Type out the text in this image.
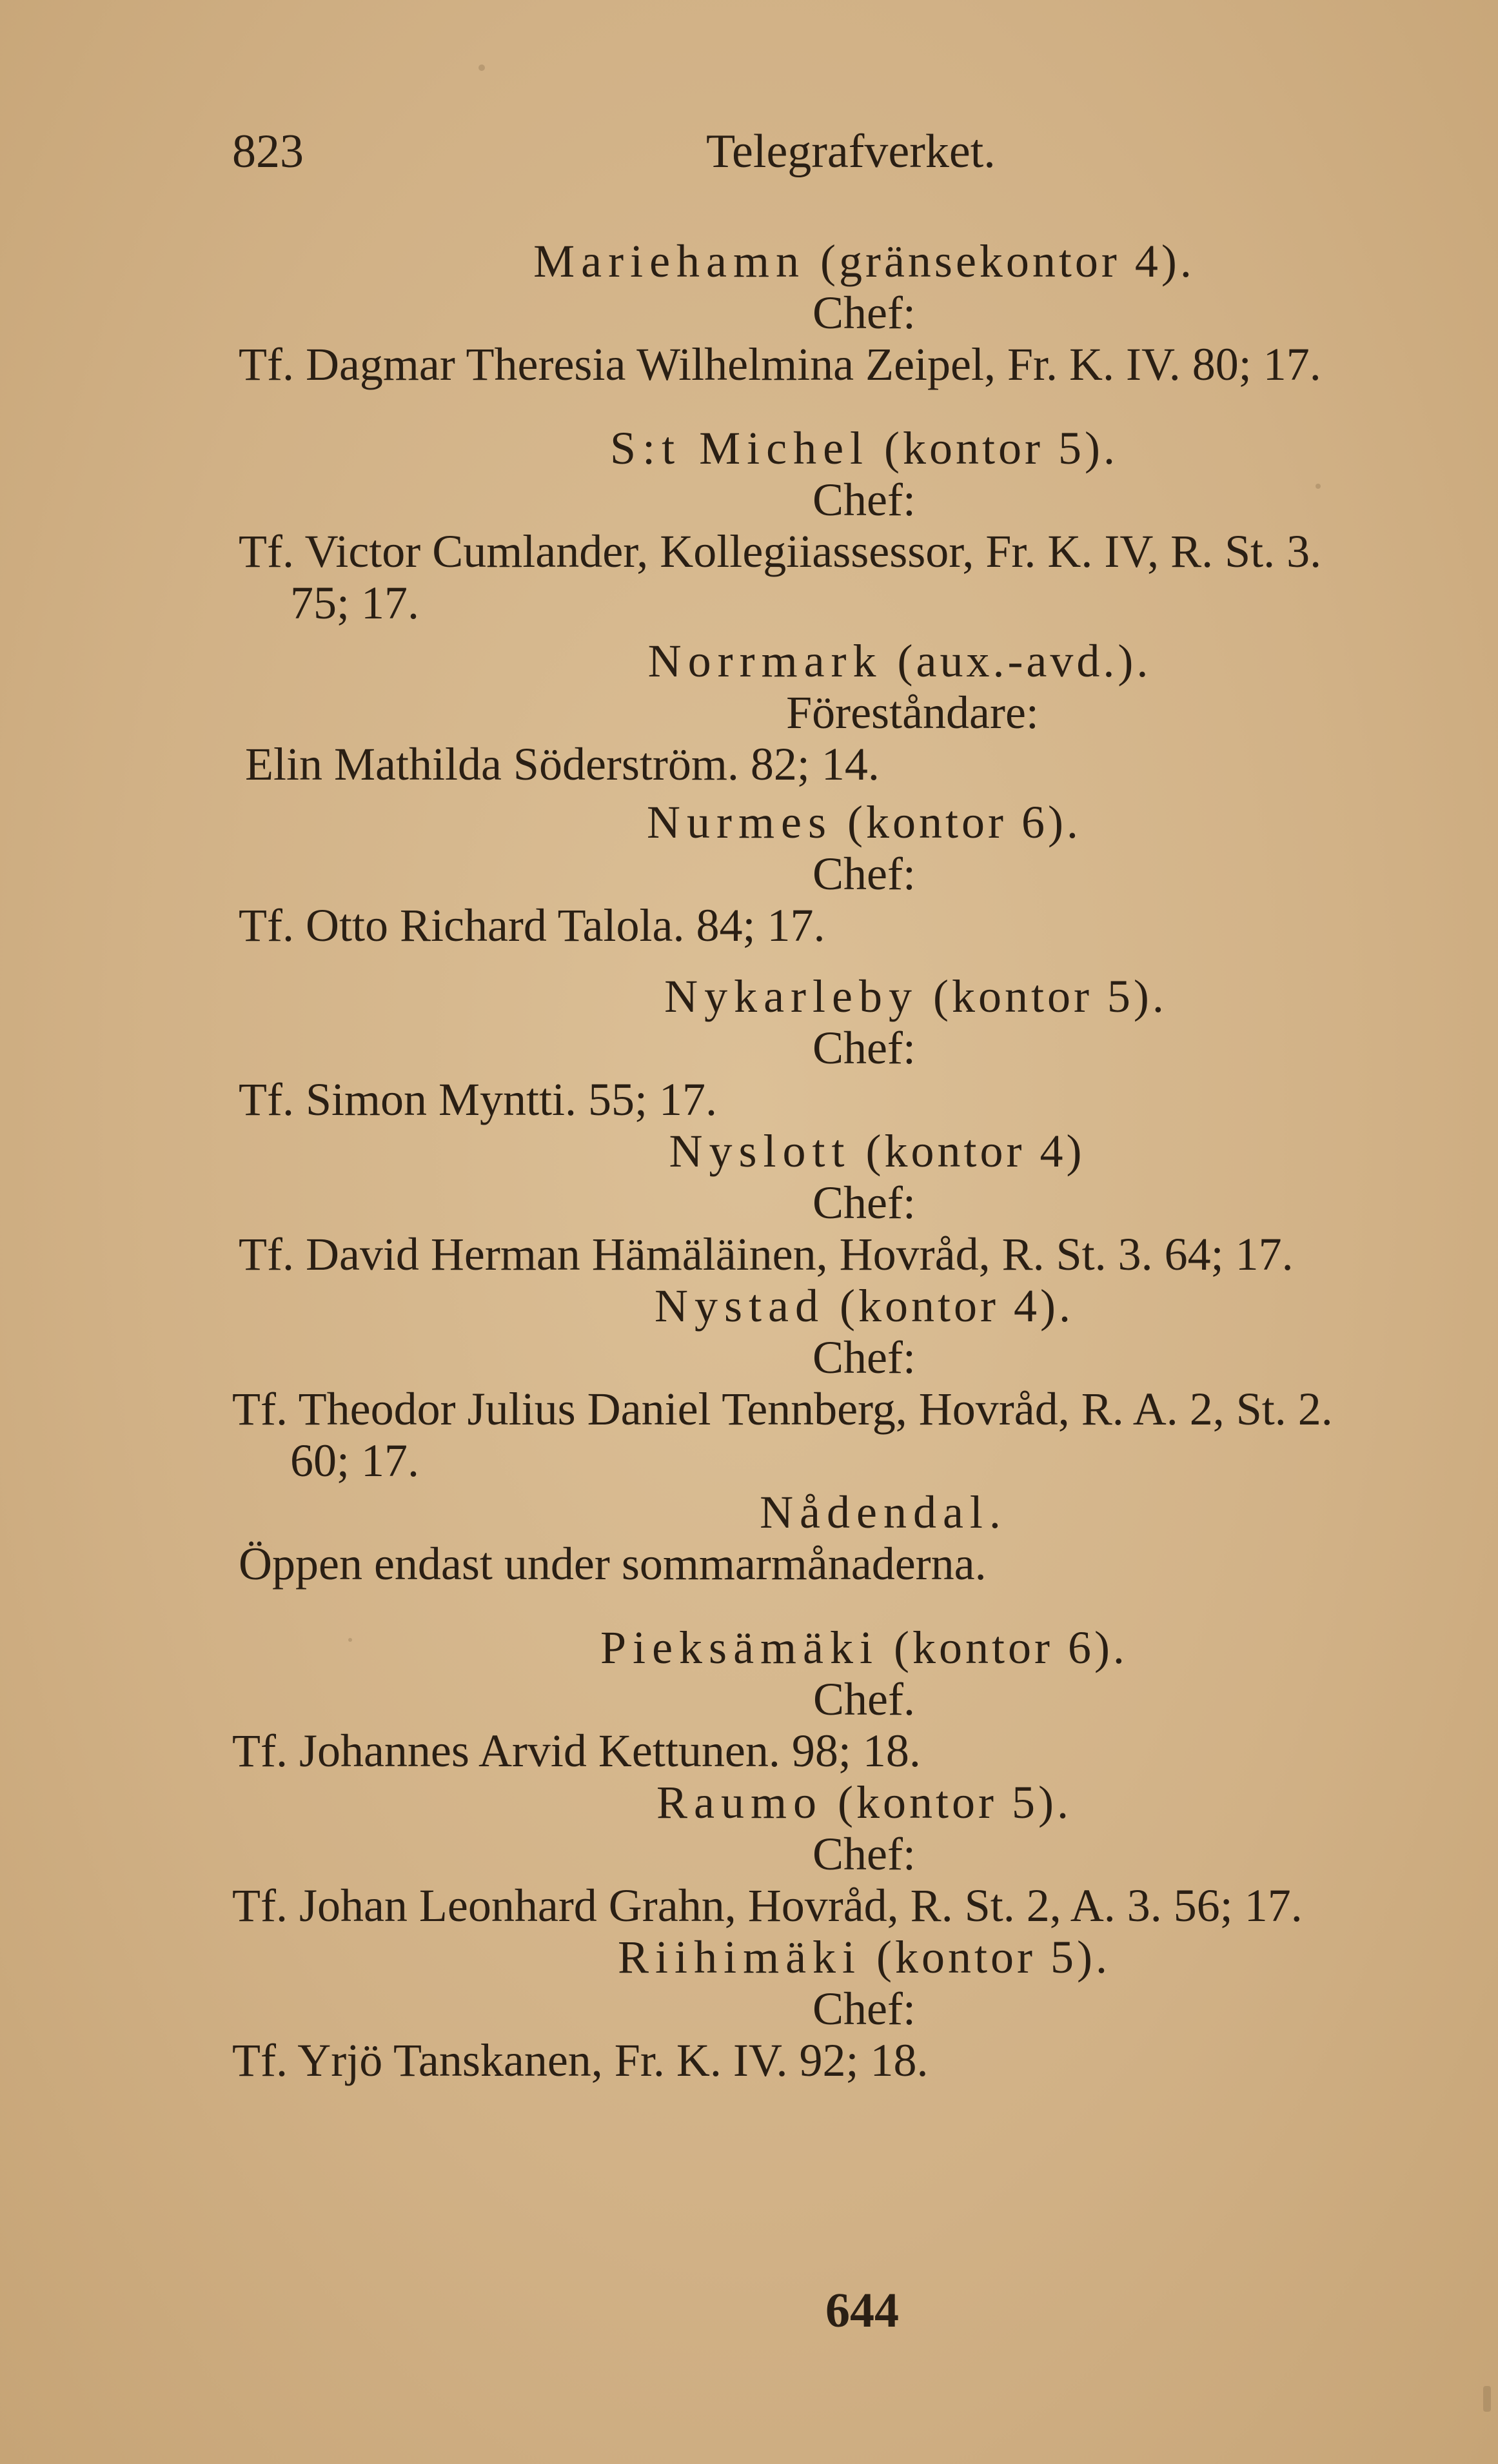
823	Telegrafverket.
Mariehamn (gränsekontor 4).
Chef:
Tf. Dagmar Theresia Wilhelmina Zeipel, Fr. K. IV. 80; 17.
S:t Michel (kontor 5).
Chef:
Tf. Victor Cumlander, Kollegiiassessor, Fr. K. IV, R. St. 3.
75; 17.
Norrmark (aux.-avd.).
Föreståndare:
Elin Mathilda Söderström. 82; 14.
Nurmes (kontor 6).
Chef:
Tf. Otto Richard Talola. 84; 17.
Nykarleby (kontor 5).
Chef:
Tf. Simon Myntti. 55; 17.
Nyslott (kontor 4)
Chef:
Tf. David Herman Hämäläinen, Hovråd, R. St. 3. 64; 17.
Nystad (kontor 4).
Chef:
Tf. Theodor Julius Daniel Tennberg, Hovråd, R. A. 2, St. 2.
60; 17.
Nådendal.
Öppen endast under sommarmånaderna.
Pieksämäki (kontor 6).
Chef.
Tf. Johannes Arvid Kettunen. 98; 18.
Raumo (kontor 5).
Chef:
Tf. Johan Leonhard Grahn, Hovråd, R. St. 2, A. 3. 56; 17.
Riihimäki (kontor 5).
Chef:
Tf. Yrjö Tanskanen, Fr. K. IV. 92; 18.
644
